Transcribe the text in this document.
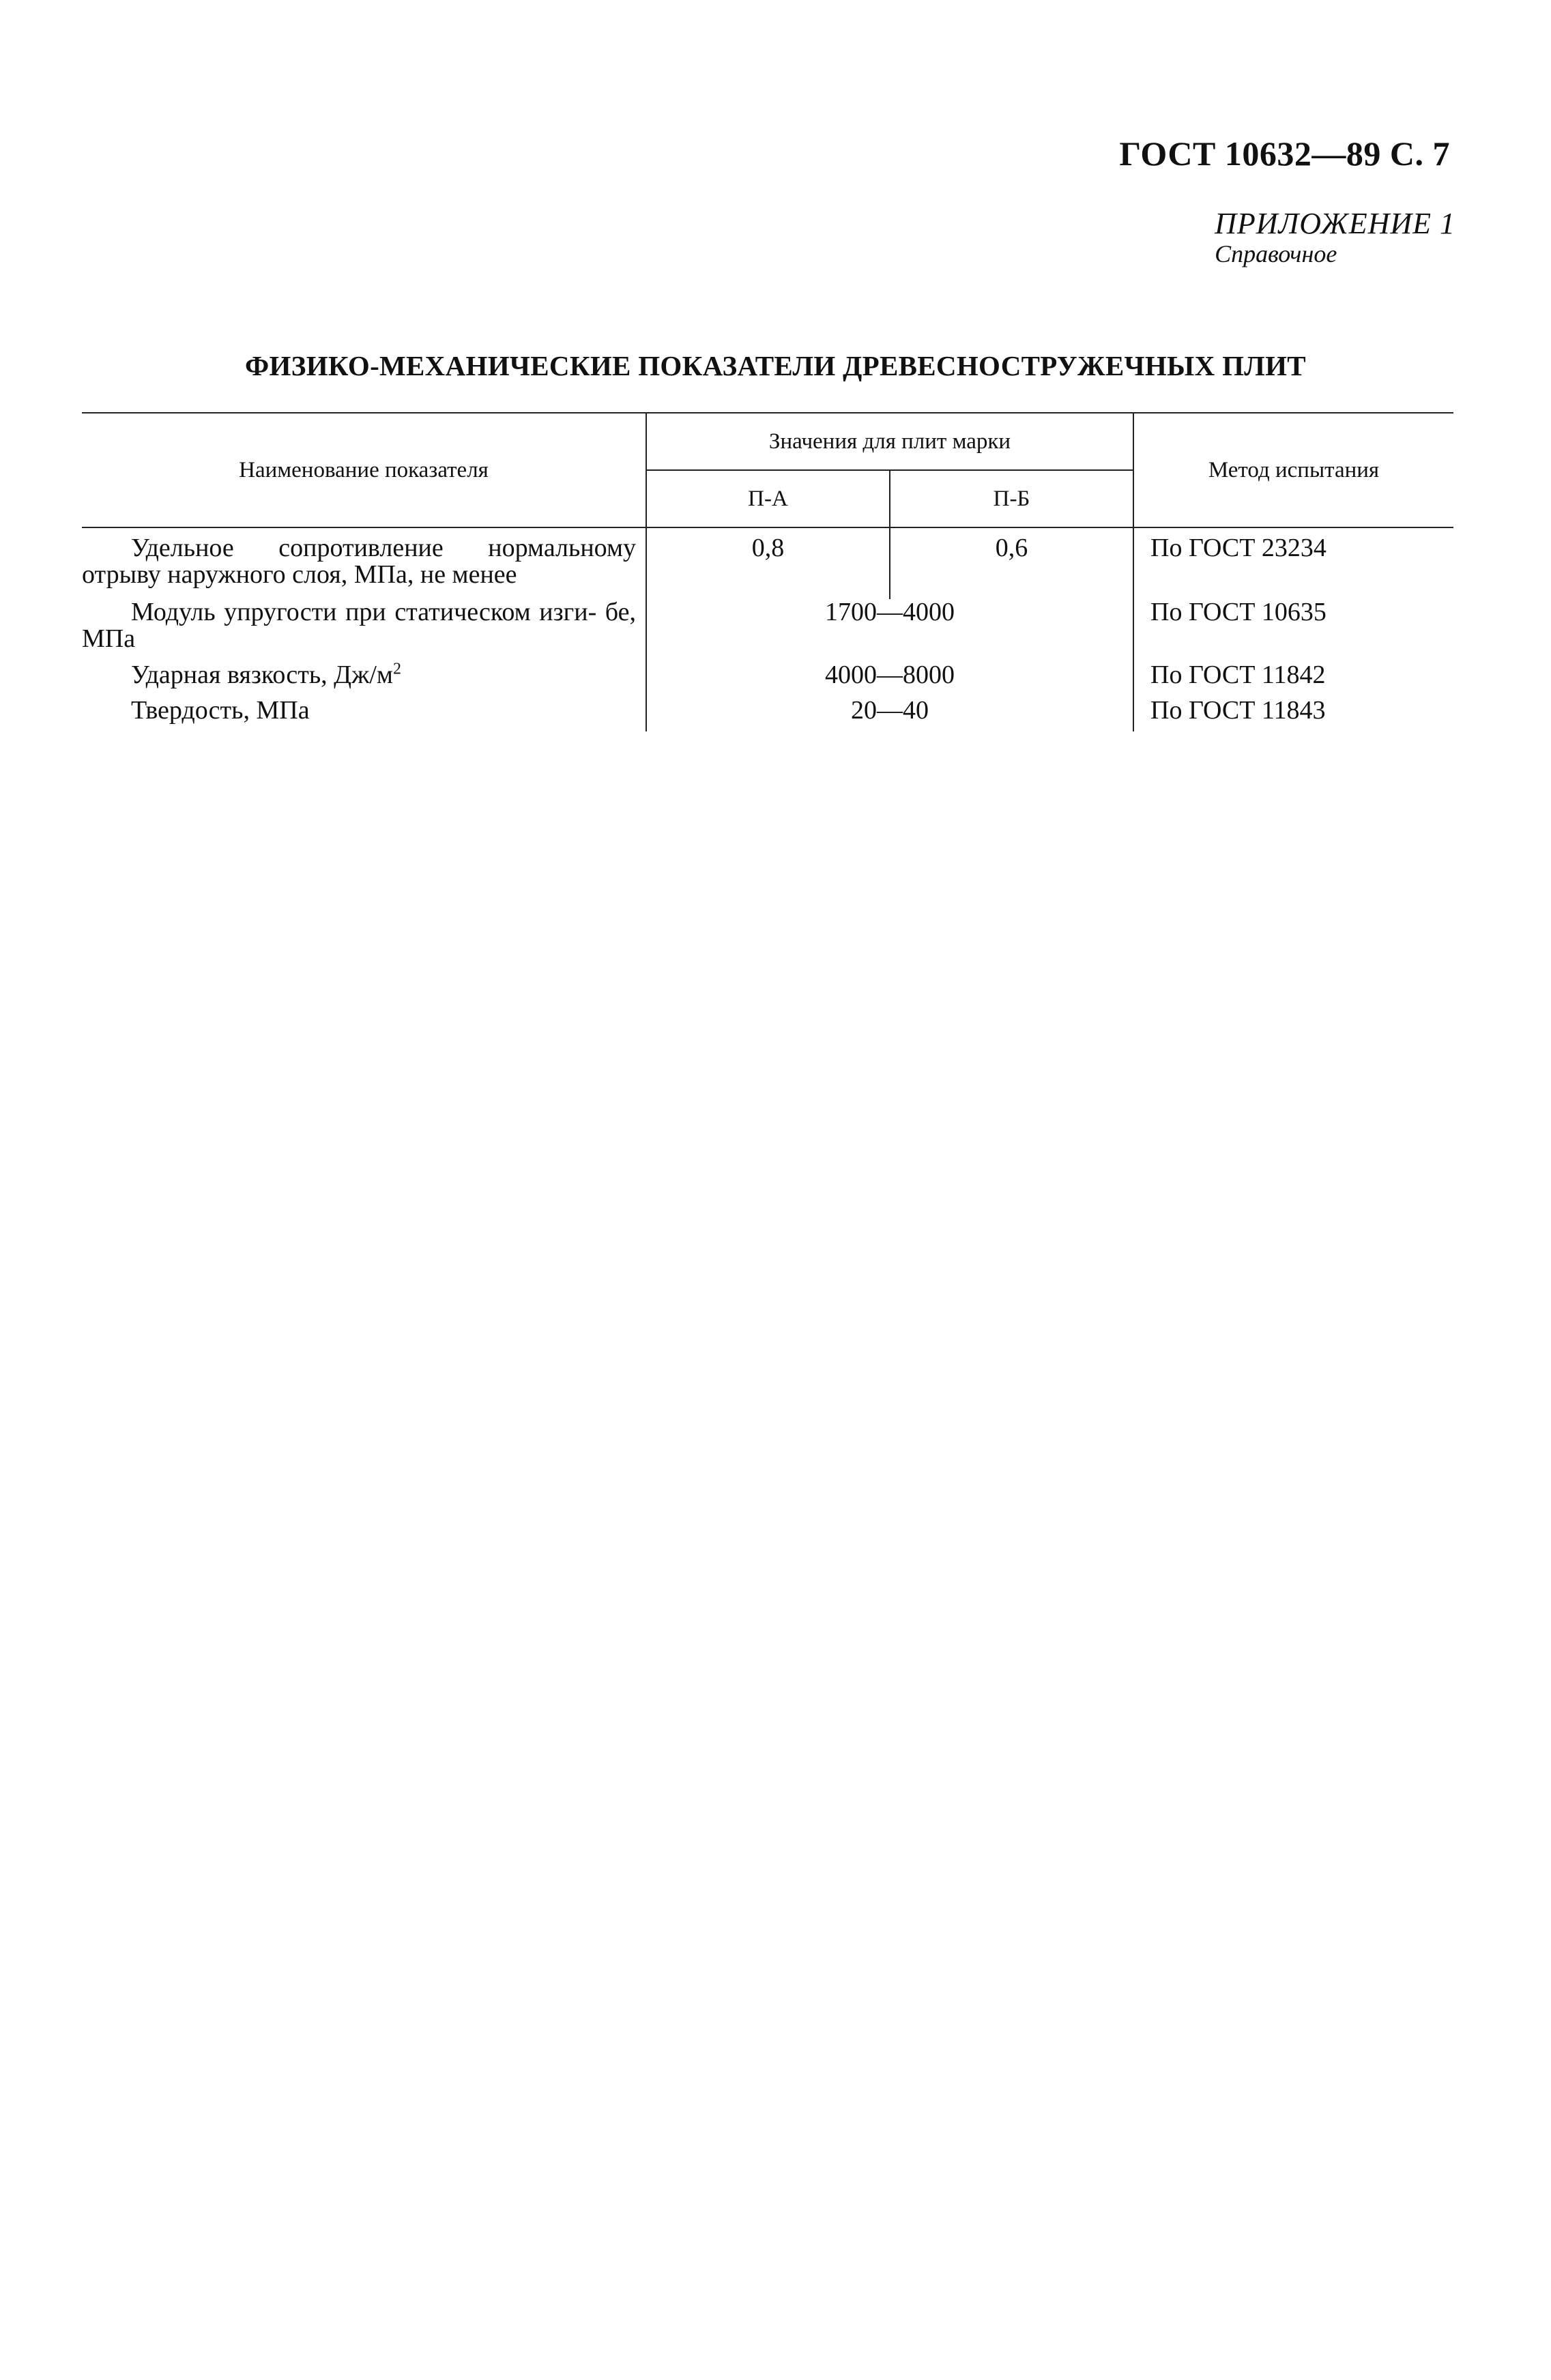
ГОСТ 10632—89 С. 7
ПРИЛОЖЕНИЕ 1
Справочное
ФИЗИКО-МЕХАНИЧЕСКИЕ ПОКАЗАТЕЛИ ДРЕВЕСНОСТРУЖЕЧНЫХ ПЛИТ
Наименование показателя	Значения для плит марки		Метод испытания
	П-А	П-Б	
Удельное сопротивление нормальному отрыву наружного слоя, МПа, не менее	0,8	0,6	По ГОСТ 23234
Модуль упругости при статическом изги- бе, МПа	1700—4000		По ГОСТ 10635
Ударная вязкость, $Дж/м^2$	4000—8000		По ГОСТ 11842
Твердость, МПа	20—40		По ГОСТ 11843
